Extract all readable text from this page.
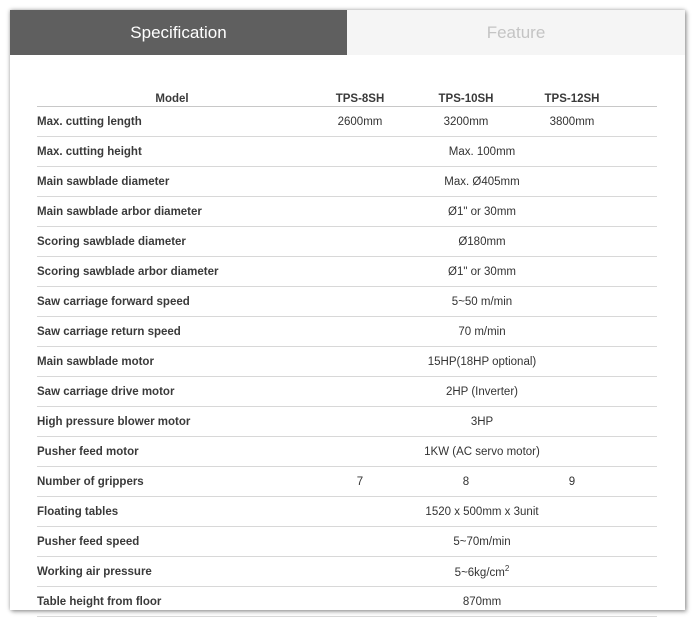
Specification	Feature
Model	TPS-8SH	TPS-10SH	TPS-12SH
Max. cutting length	2600mm	3200mm	3800mm
Max. cutting height	Max. 100mm
Main sawblade diameter	Max. Ø405mm
Main sawblade arbor diameter	Ø1" or 30mm
Scoring sawblade diameter	Ø180mm
Scoring sawblade arbor diameter	Ø1" or 30mm
Saw carriage forward speed	5~50 m/min
Saw carriage return speed	70 m/min
Main sawblade motor	15HP(18HP optional)
Saw carriage drive motor	2HP (Inverter)
High pressure blower motor	3HP
Pusher feed motor	1KW (AC servo motor)
Number of grippers	7	8	9
Floating tables	1520 x 500mm x 3unit
Pusher feed speed	5~70m/min
Working air pressure	$5\sim 6kg/cm^2$
Table height from floor	870mm
